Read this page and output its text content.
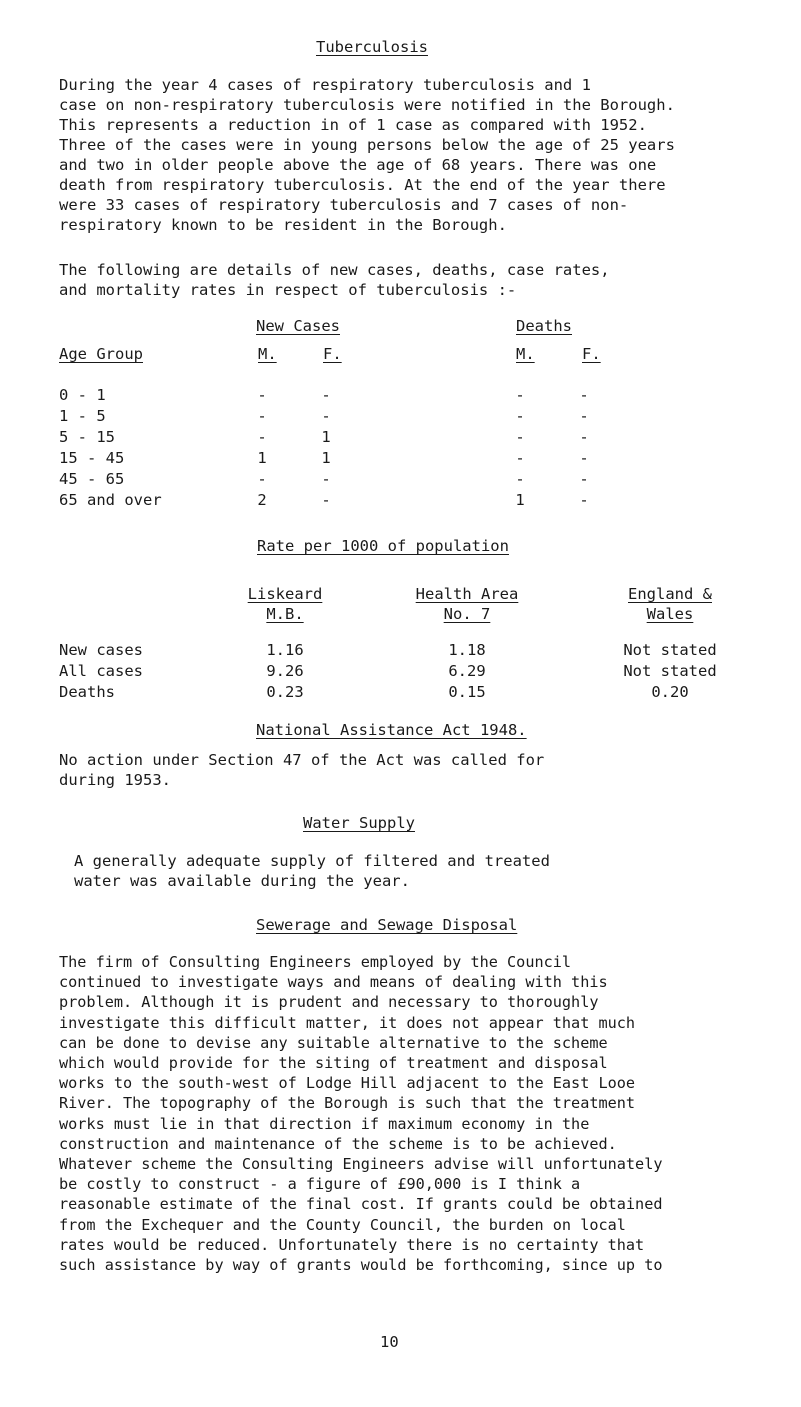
Tuberculosis

During the year 4 cases of respiratory tuberculosis and 1
case on non-respiratory tuberculosis were notified in the Borough.
This represents a reduction in of 1 case as compared with 1952.
Three of the cases were in young persons below the age of 25 years
and two in older people above the age of 68 years. There was one
death from respiratory tuberculosis. At the end of the year there
were 33 cases of respiratory tuberculosis and 7 cases of non-
respiratory known to be resident in the Borough.

The following are details of new cases, deaths, case rates,
and mortality rates in respect of tuberculosis :-

New Cases	Deaths
Age Group	M.	F.	M.	F.
0 - 1	-	-	-	-
1 - 5	-	-	-	-
5 - 15	-	1	-	-
15 - 45	1	1	-	-
45 - 65	-	-	-	-
65 and over	2	-	1	-
Rate per 1000 of population
Liskeard
M.B.
Health Area
No. 7
England &
Wales
New cases	1.16	1.18	Not stated
All cases	9.26	6.29	Not stated
Deaths	0.23	0.15	0.20
National Assistance Act 1948.

No action under Section 47 of the Act was called for
during 1953.

Water Supply

A generally adequate supply of filtered and treated
water was available during the year.

Sewerage and Sewage Disposal

The firm of Consulting Engineers employed by the Council
continued to investigate ways and means of dealing with this
problem. Although it is prudent and necessary to thoroughly
investigate this difficult matter, it does not appear that much
can be done to devise any suitable alternative to the scheme
which would provide for the siting of treatment and disposal
works to the south-west of Lodge Hill adjacent to the East Looe
River. The topography of the Borough is such that the treatment
works must lie in that direction if maximum economy in the
construction and maintenance of the scheme is to be achieved.
Whatever scheme the Consulting Engineers advise will unfortunately
be costly to construct - a figure of £90,000 is I think a
reasonable estimate of the final cost. If grants could be obtained
from the Exchequer and the County Council, the burden on local
rates would be reduced. Unfortunately there is no certainty that
such assistance by way of grants would be forthcoming, since up to

10
